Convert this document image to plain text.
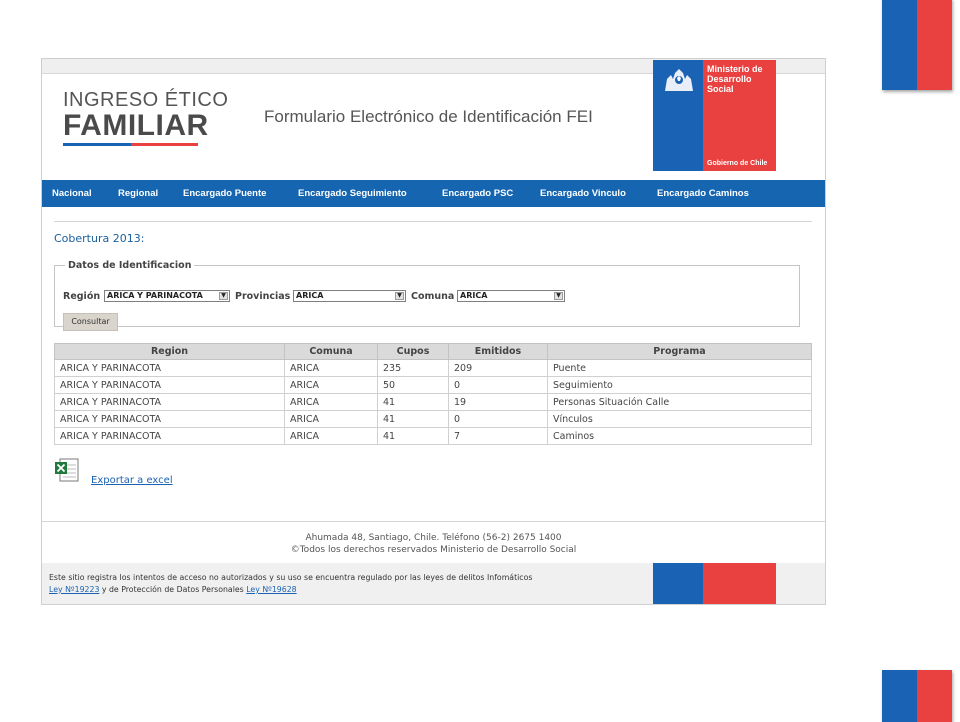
INGRESO ÉTICO
FAMILIAR	Formulario Electrónico de Identificación FEI
Ministerio de
Desarrollo
Social
Gobierno de Chile
Nacional	Regional	Encargado Puente	Encargado Seguimiento	Encargado PSC	Encargado Vinculo	Encargado Caminos
Cobertura 2013:
Datos de Identificacion
Región ARICA Y PARINACOTA	▼ Provincias ARICA	▼ Comuna ARICA	▼
Consultar
Region	Comuna	Cupos	Emitidos	Programa
ARICA Y PARINACOTA	ARICA	235	209	Puente
ARICA Y PARINACOTA	ARICA	50	0	Seguimiento
ARICA Y PARINACOTA	ARICA	41	19	Personas Situación Calle
ARICA Y PARINACOTA	ARICA	41	0	Vínculos
ARICA Y PARINACOTA	ARICA	41	7	Caminos
Exportar a excel
Ahumada 48, Santiago, Chile. Teléfono (56-2) 2675 1400
©Todos los derechos reservados Ministerio de Desarrollo Social
Este sitio registra los intentos de acceso no autorizados y su uso se encuentra regulado por las leyes de delitos Infomáticos
Ley Nº19223 y de Protección de Datos Personales Ley Nº19628
